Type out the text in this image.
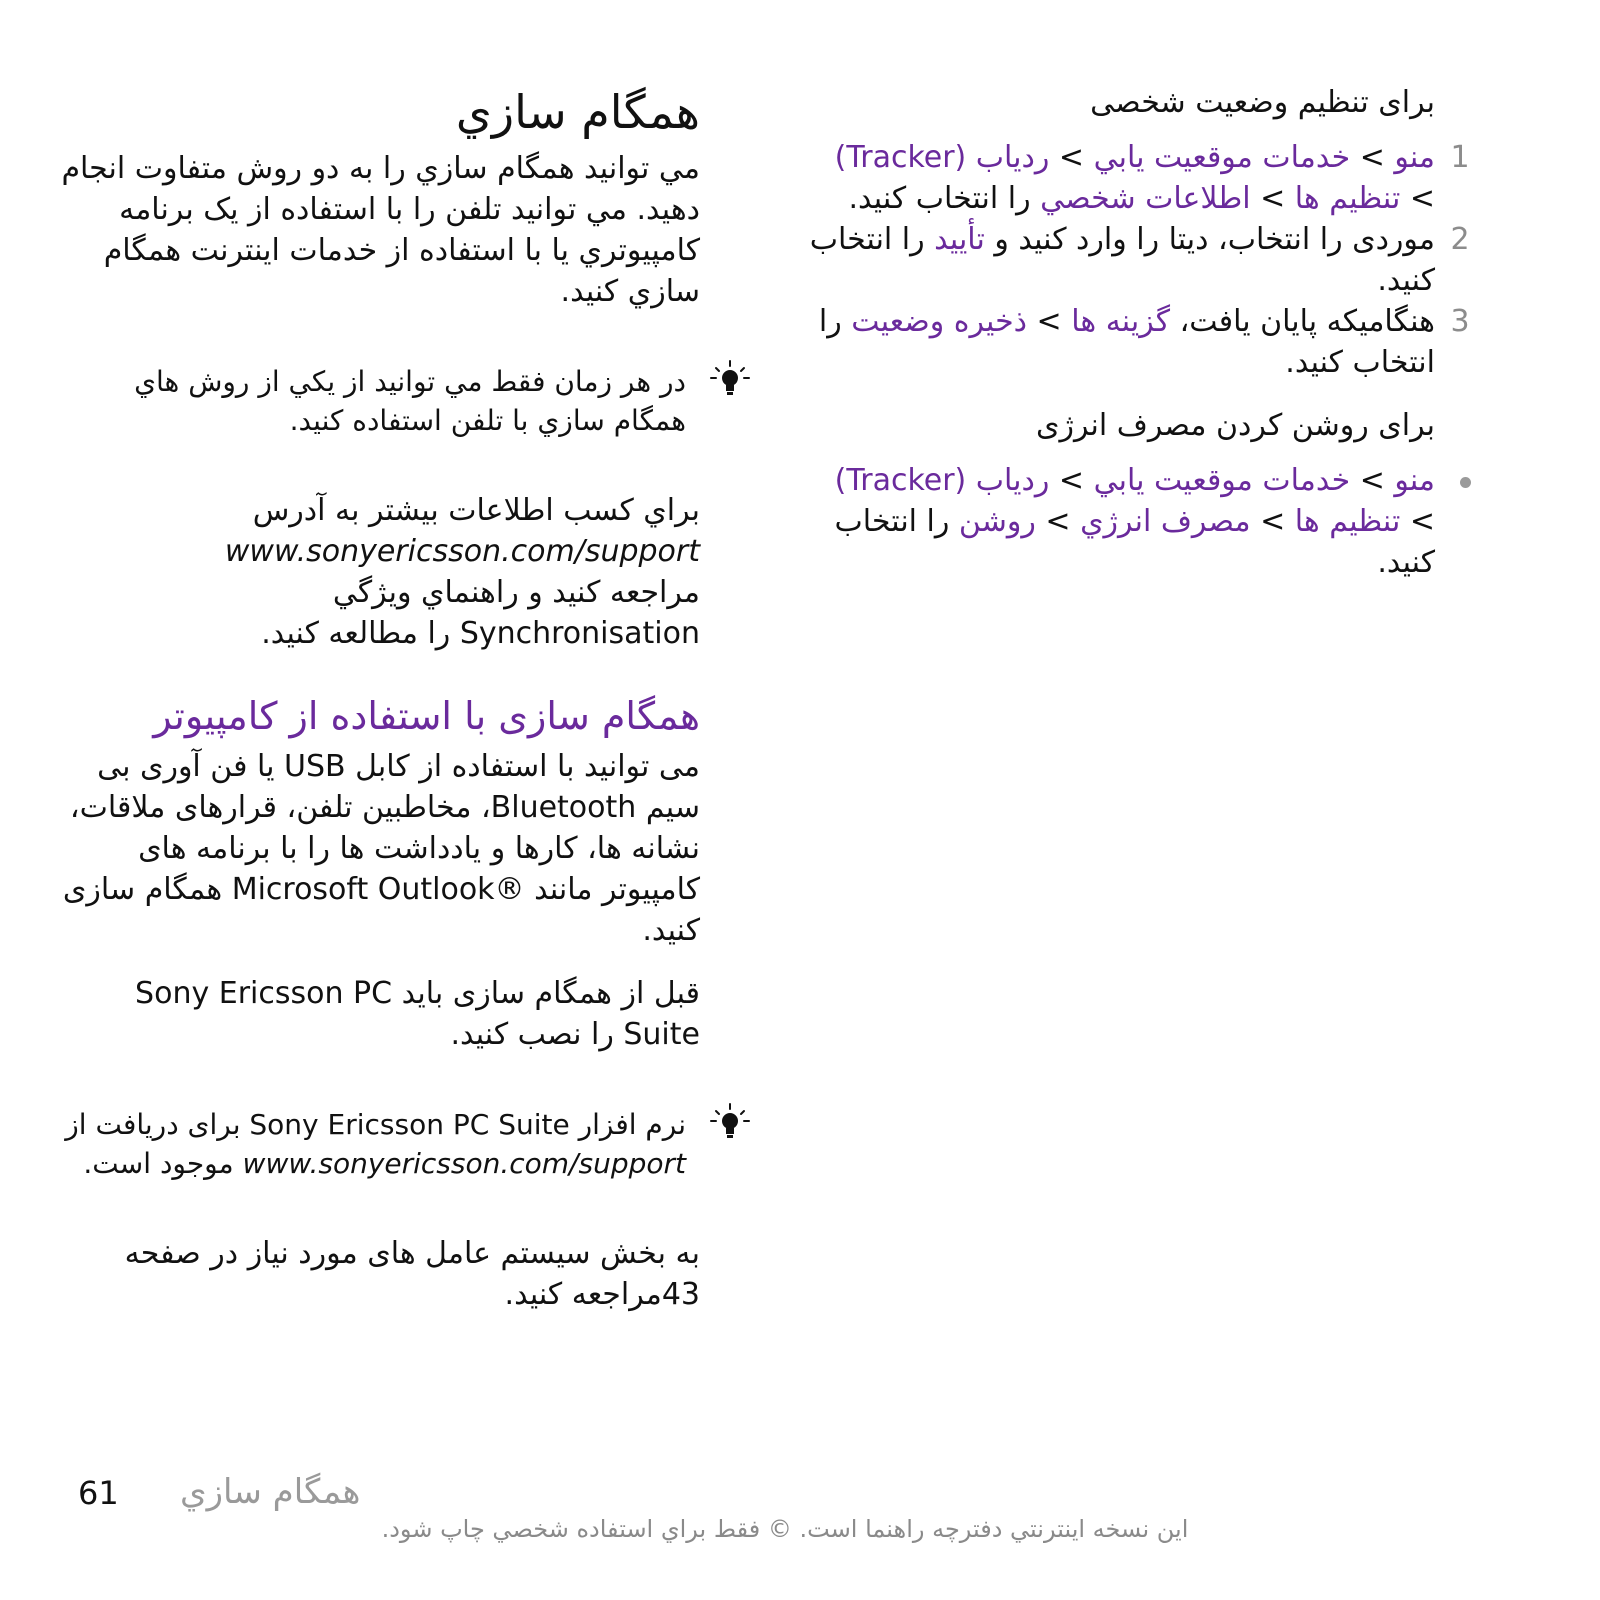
برای تنظیم وضعیت شخصی

1
منو > خدمات موقعيت يابي > ردياب (Tracker) > تنظيم ها > اطلاعات شخصي را انتخاب کنيد.
2
موردی را انتخاب، ديتا را وارد کنيد و تأييد را انتخاب کنيد.
3
هنگاميکه پايان يافت، گزينه ها > ذخيره وضعيت را انتخاب کنيد.

برای روشن کردن مصرف انرژی

منو > خدمات موقعيت يابي > ردياب (Tracker) > تنظيم ها > مصرف انرژي > روشن را انتخاب کنيد.
همگام سازي

مي توانيد همگام سازي را به دو روش متفاوت انجام دهيد. مي توانيد تلفن را با استفاده از يک برنامه کامپيوتري يا با استفاده از خدمات اينترنت همگام سازي کنيد.

در هر زمان فقط مي توانيد از يکي از روش هاي همگام سازي با تلفن استفاده کنيد.

براي کسب اطلاعات بيشتر به آدرس
www.sonyericsson.com/support
مراجعه کنيد و راهنماي ويژگي
Synchronisation را مطالعه کنيد.

همگام سازی با استفاده از کامپيوتر

می توانيد با استفاده از کابل USB يا فن آوری بی سيم Bluetooth، مخاطبين تلفن، قرارهای ملاقات، نشانه ها، کارها و يادداشت ها را با برنامه های کامپيوتر مانند Microsoft Outlook® همگام سازی کنيد.

قبل از همگام سازی بايد Sony Ericsson PC Suite را نصب کنيد.

نرم افزار Sony Ericsson PC Suite برای دريافت از www.sonyericsson.com/support موجود است.

به بخش سيستم عامل های مورد نياز در صفحه 43مراجعه کنيد.

61 همگام سازي
اين نسخه اينترنتي دفترچه راهنما است. © فقط براي استفاده شخصي چاپ شود.
